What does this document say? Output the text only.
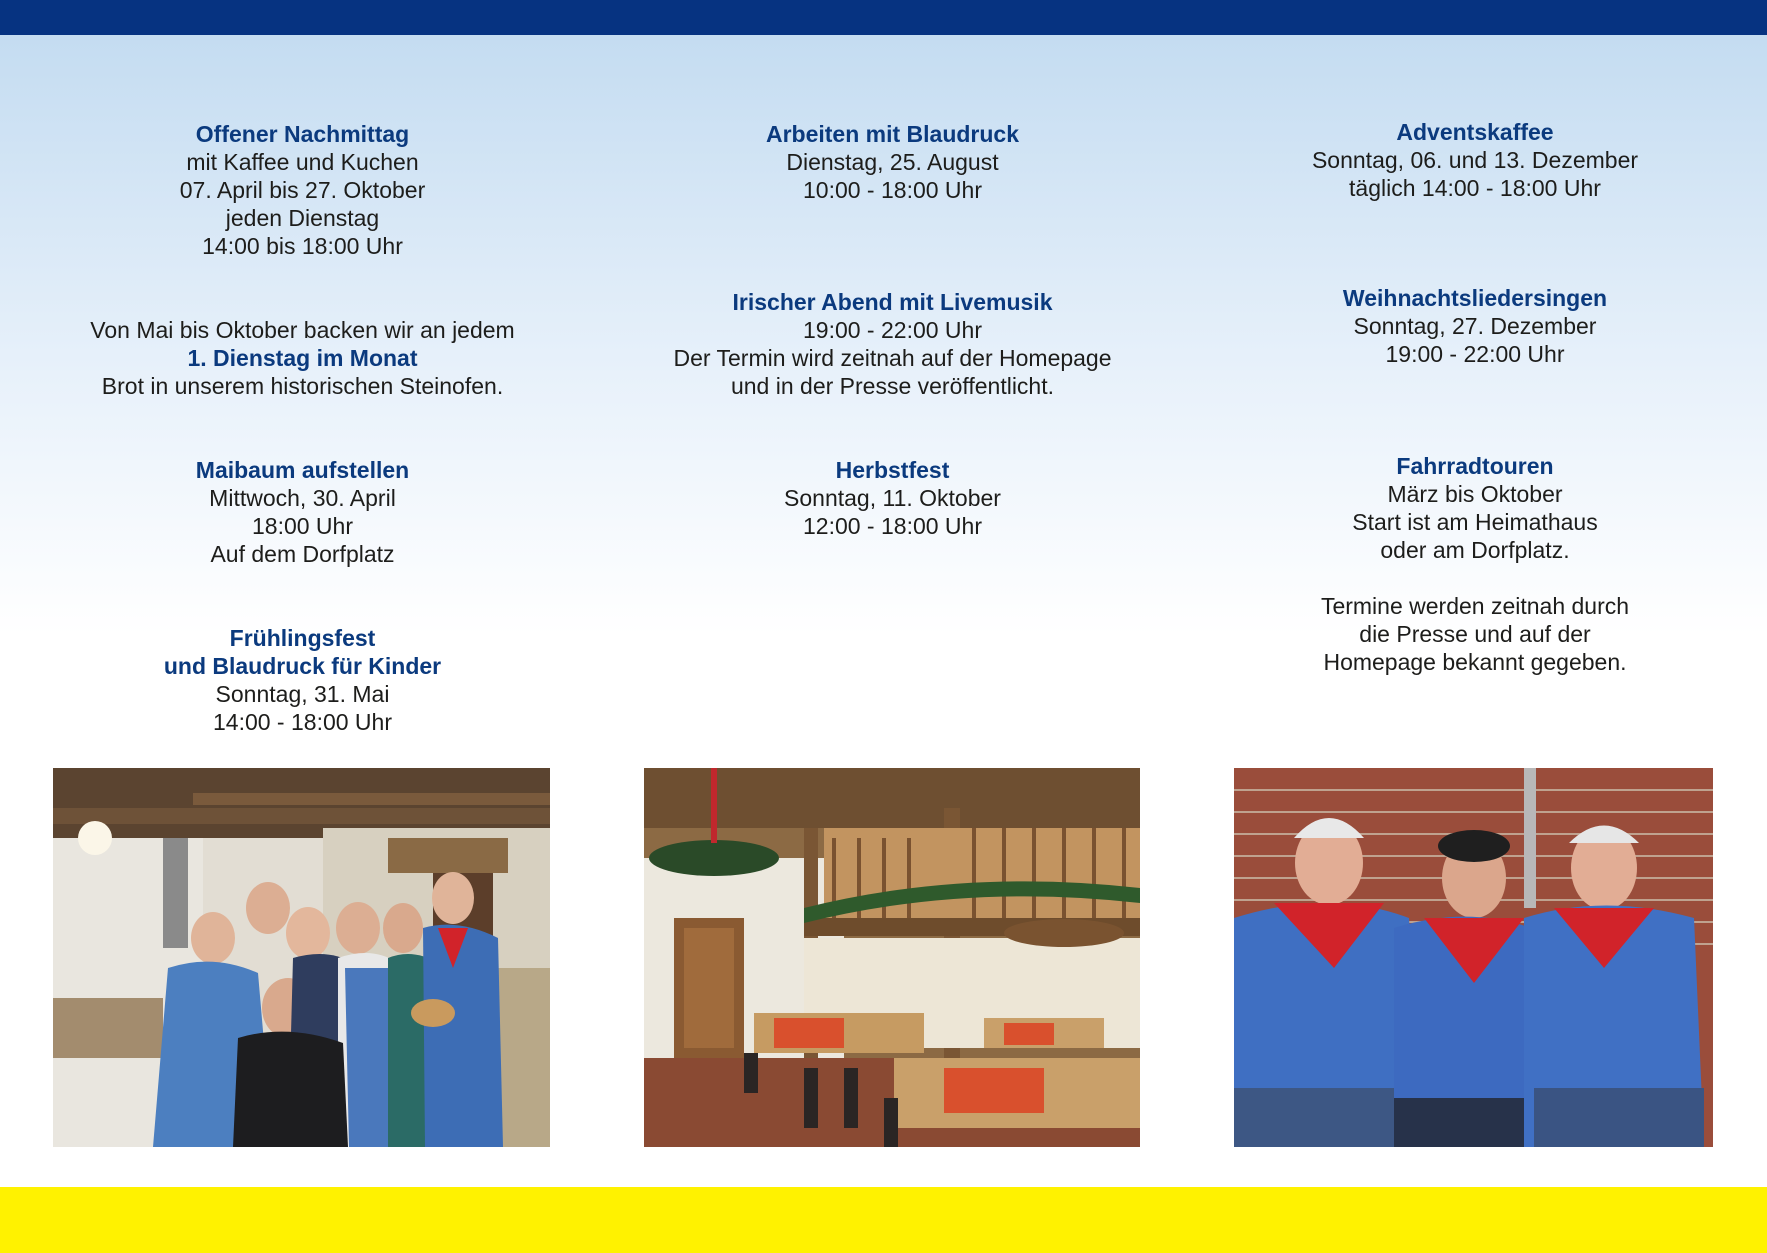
Offener Nachmittag
mit Kaffee und Kuchen
07. April bis 27. Oktober
jeden Dienstag
14:00 bis 18:00 Uhr
Von Mai bis Oktober backen wir an jedem
1. Dienstag im Monat
Brot in unserem historischen Steinofen.
Maibaum aufstellen
Mittwoch, 30. April
18:00 Uhr
Auf dem Dorfplatz
Frühlingsfest
und Blaudruck für Kinder
Sonntag, 31. Mai
14:00 - 18:00 Uhr
Arbeiten mit Blaudruck
Dienstag, 25. August
10:00 - 18:00 Uhr
Irischer Abend mit Livemusik
19:00 - 22:00 Uhr
Der Termin wird zeitnah auf der Homepage
und in der Presse veröffentlicht.
Herbstfest
Sonntag, 11. Oktober
12:00 - 18:00 Uhr
Adventskaffee
Sonntag, 06. und 13. Dezember
täglich 14:00 - 18:00 Uhr
Weihnachtsliedersingen
Sonntag, 27. Dezember
19:00 - 22:00 Uhr
Fahrradtouren
März bis Oktober
Start ist am Heimathaus
oder am Dorfplatz.
Termine werden zeitnah durch
die Presse und auf der
Homepage bekannt gegeben.
